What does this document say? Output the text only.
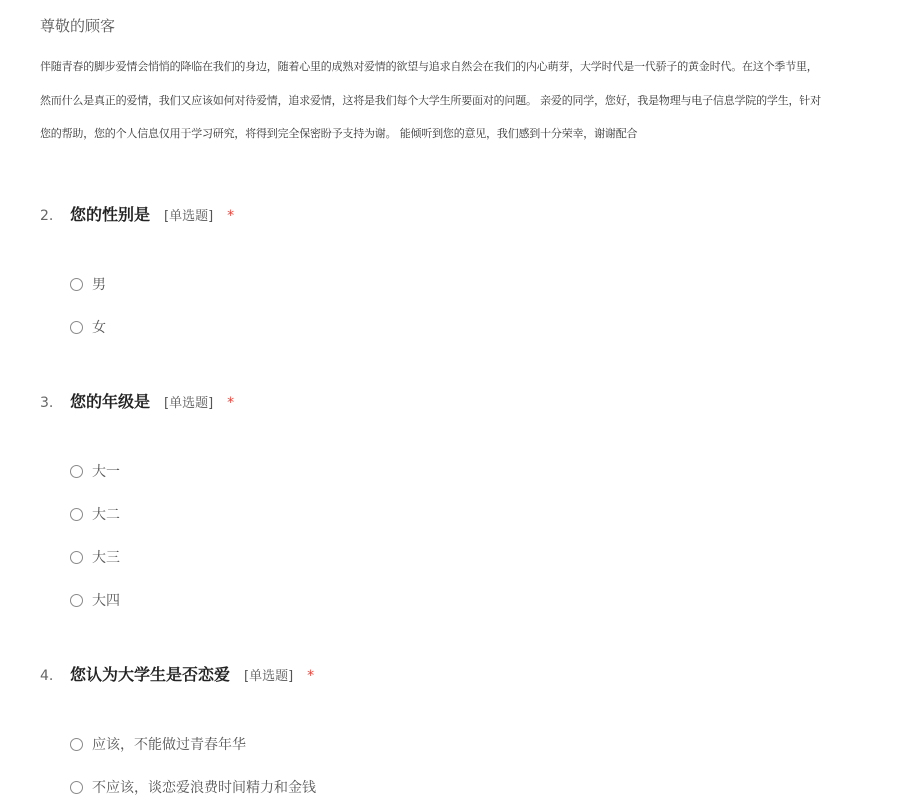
尊敬的顾客
伴随青春的脚步爱情会悄悄的降临在我们的身边，随着心里的成熟对爱情的欲望与追求自然会在我们的内心萌芽，大学时代是一代骄子的黄金时代。在这个季节里，
然而什么是真正的爱情，我们又应该如何对待爱情，追求爱情，这将是我们每个大学生所要面对的问题。 亲爱的同学，您好，我是物理与电子信息学院的学生，针对
您的帮助，您的个人信息仅用于学习研究，将得到完全保密盼予支持为谢。 能倾听到您的意见，我们感到十分荣幸，谢谢配合
2.	您的性别是 [单选题] *
男
女
3.	您的年级是 [单选题] *
大一
大二
大三
大四
4.	您认为大学生是否恋爱 [单选题] *
应该，不能做过青春年华
不应该，谈恋爱浪费时间精力和金钱
